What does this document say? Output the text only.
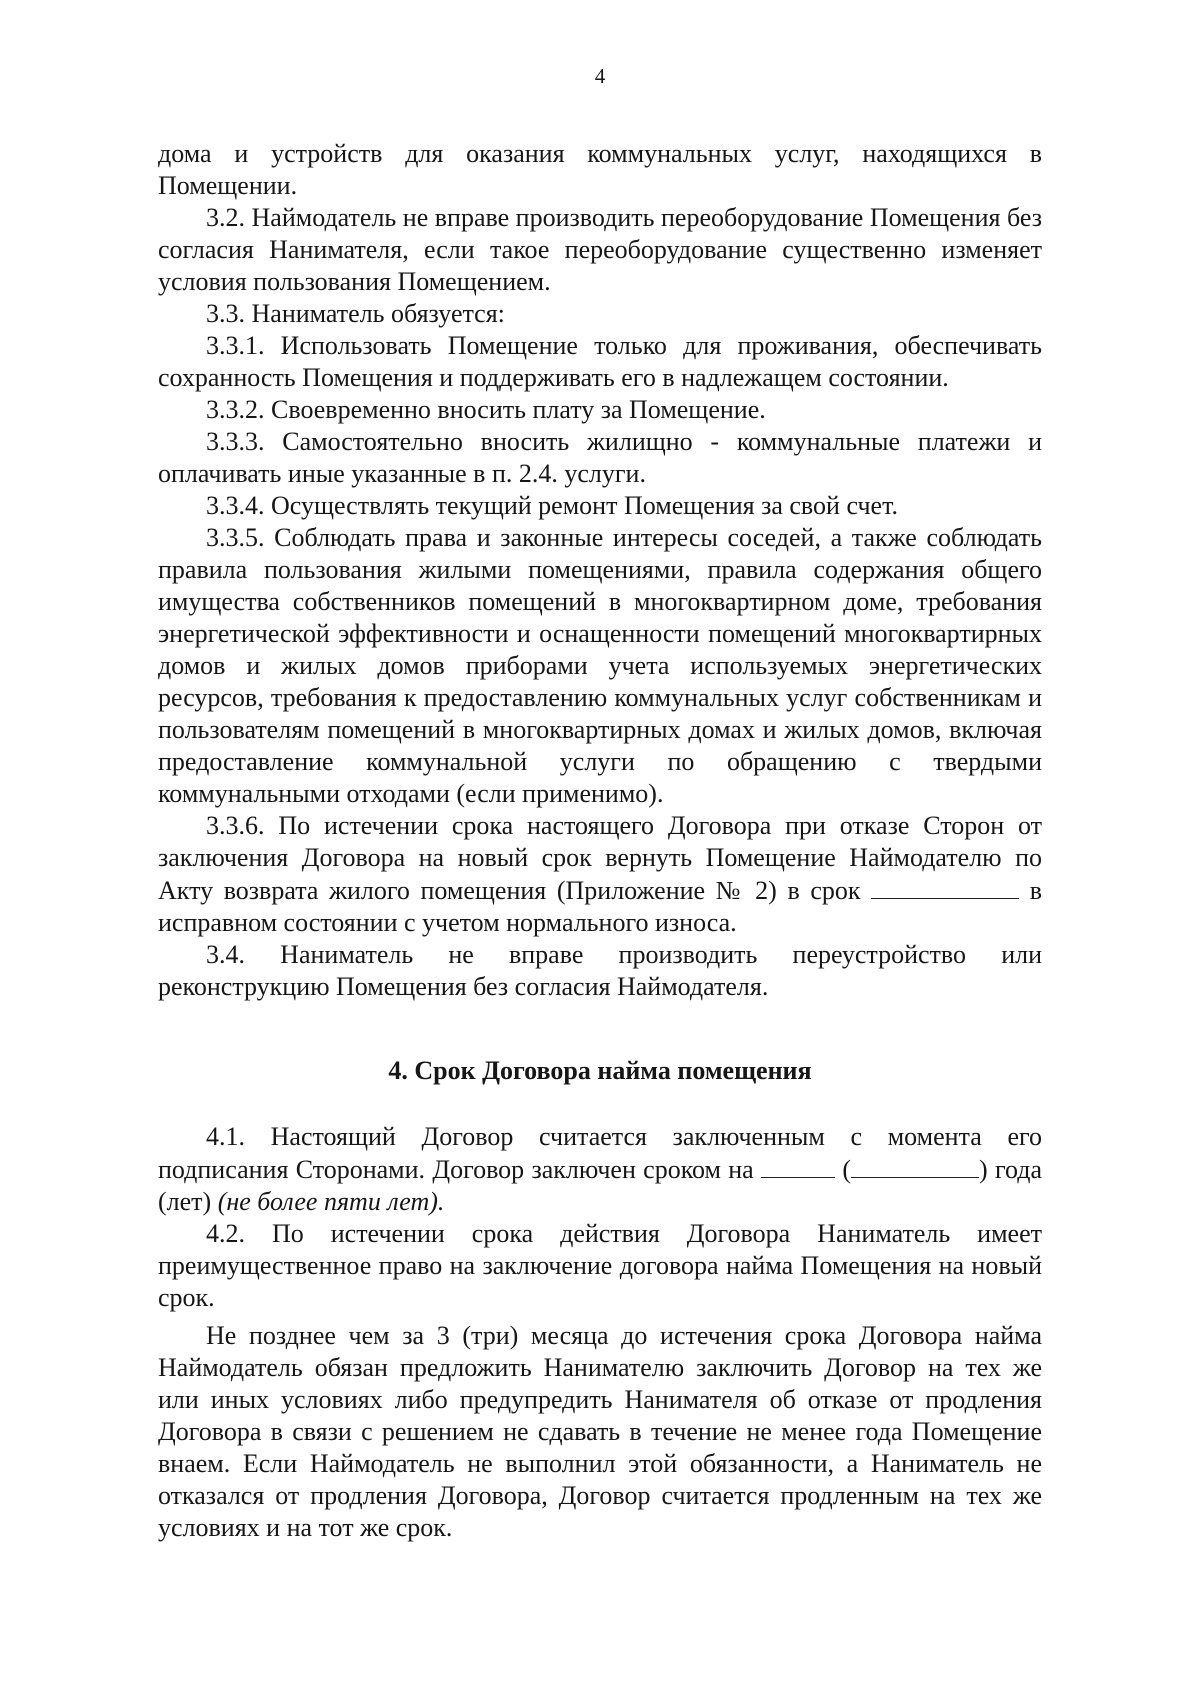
4

дома и устройств для оказания коммунальных услуг, находящихся в Помещении.

3.2. Наймодатель не вправе производить переоборудование Помещения без согласия Нанимателя, если такое переоборудование существенно изменяет условия пользования Помещением.

3.3. Наниматель обязуется:

3.3.1. Использовать Помещение только для проживания, обеспечивать сохранность Помещения и поддерживать его в надлежащем состоянии.

3.3.2. Своевременно вносить плату за Помещение.

3.3.3. Самостоятельно вносить жилищно - коммунальные платежи и оплачивать иные указанные в п. 2.4. услуги.

3.3.4. Осуществлять текущий ремонт Помещения за свой счет.

3.3.5. Соблюдать права и законные интересы соседей, а также соблюдать правила пользования жилыми помещениями, правила содержания общего имущества собственников помещений в многоквартирном доме, требования энергетической эффективности и оснащенности помещений многоквартирных домов и жилых домов приборами учета используемых энергетических ресурсов, требования к предоставлению коммунальных услуг собственникам и пользователям помещений в многоквартирных домах и жилых домов, включая предоставление коммунальной услуги по обращению с твердыми коммунальными отходами (если применимо).

3.3.6. По истечении срока настоящего Договора при отказе Сторон от заключения Договора на новый срок вернуть Помещение Наймодателю по Акту возврата жилого помещения (Приложение № 2) в срок	в исправном состоянии с учетом нормального износа.

3.4. Наниматель не вправе производить переустройство или реконструкцию Помещения без согласия Наймодателя.

4. Срок Договора найма помещения

4.1. Настоящий Договор считается заключенным с момента его подписания Сторонами. Договор заключен сроком на	(	) года (лет) (не более пяти лет).

4.2. По истечении срока действия Договора Наниматель имеет преимущественное право на заключение договора найма Помещения на новый срок.

Не позднее чем за 3 (три) месяца до истечения срока Договора найма Наймодатель обязан предложить Нанимателю заключить Договор на тех же или иных условиях либо предупредить Нанимателя об отказе от продления Договора в связи с решением не сдавать в течение не менее года Помещение внаем. Если Наймодатель не выполнил этой обязанности, а Наниматель не отказался от продления Договора, Договор считается продленным на тех же условиях и на тот же срок.
